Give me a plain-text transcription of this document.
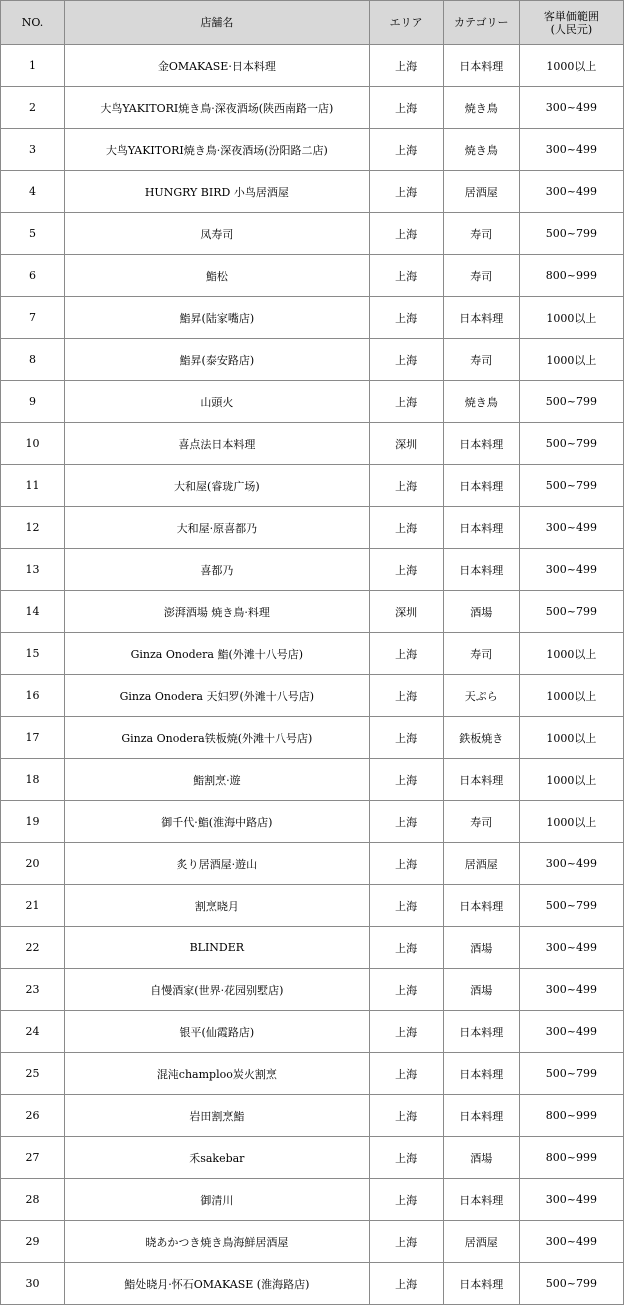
NO.	店舗名	エリア	カテゴリー	客単価範囲
(人民元)

1	金OMAKASE·日本料理	上海	日本料理	1000以上
2	大鸟YAKITORI焼き鳥·深夜酒场(陕西南路一店)	上海	焼き鳥	300~499
3	大鸟YAKITORI焼き鳥·深夜酒场(汾阳路二店)	上海	焼き鳥	300~499
4	HUNGRY BIRD 小鸟居酒屋	上海	居酒屋	300~499
5	凤寿司	上海	寿司	500~799
6	鮨松	上海	寿司	800~999
7	鮨昇(陆家嘴店)	上海	日本料理	1000以上
8	鮨昇(泰安路店)	上海	寿司	1000以上
9	山頭火	上海	焼き鳥	500~799
10	喜点法日本料理	深圳	日本料理	500~799
11	大和屋(睿珑广场)	上海	日本料理	500~799
12	大和屋·原喜都乃	上海	日本料理	300~499
13	喜都乃	上海	日本料理	300~499
14	澎湃酒場 焼き鳥·料理	深圳	酒場	500~799
15	Ginza Onodera 鮨(外滩十八号店)	上海	寿司	1000以上
16	Ginza Onodera 天妇罗(外滩十八号店)	上海	天ぷら	1000以上
17	Ginza Onodera铁板焼(外滩十八号店)	上海	鉄板焼き	1000以上
18	鮨割烹·遊	上海	日本料理	1000以上
19	御千代·鮨(淮海中路店)	上海	寿司	1000以上
20	炙り居酒屋·遊山	上海	居酒屋	300~499
21	割烹晓月	上海	日本料理	500~799
22	BLINDER	上海	酒場	300~499
23	自慢酒家(世界·花园别墅店)	上海	酒場	300~499
24	银平(仙霞路店)	上海	日本料理	300~499
25	混沌champloo炭火割烹	上海	日本料理	500~799
26	岩田割烹鮨	上海	日本料理	800~999
27	禾sakebar	上海	酒場	800~999
28	御清川	上海	日本料理	300~499
29	晓あかつき焼き鳥海鮮居酒屋	上海	居酒屋	300~499
30	鮨处晓月·怀石OMAKASE (淮海路店)	上海	日本料理	500~799
